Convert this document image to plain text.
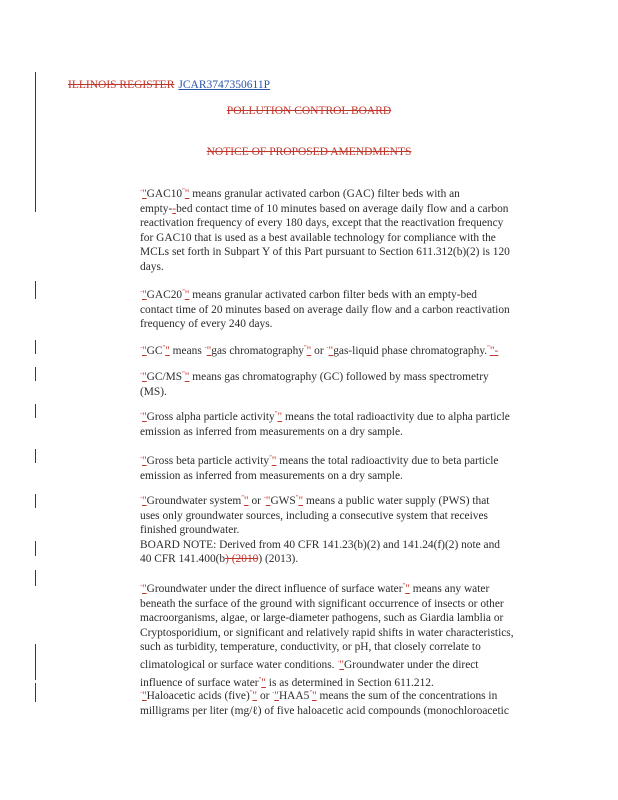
ILLINOIS REGISTER JCAR3747350611P
POLLUTION CONTROL BOARD
NOTICE OF PROPOSED AMENDMENTS
-"GAC10”" means granular activated carbon (GAC) filter beds with an
empty--bed contact time of 10 minutes based on average daily flow and a carbon
reactivation frequency of every 180 days, except that the reactivation frequency
for GAC10 that is used as a best available technology for compliance with the
MCLs set forth in Subpart Y of this Part pursuant to Section 611.312(b)(2) is 120
days.
-"GAC20”" means granular activated carbon filter beds with an empty-bed
contact time of 20 minutes based on average daily flow and a carbon reactivation
frequency of every 240 days.
-"GC”" means -"gas chromatography”" or -"gas-liquid phase chromatography.”"-
-"GC/MS”" means gas chromatography (GC) followed by mass spectrometry
(MS).
-"Gross alpha particle activity”" means the total radioactivity due to alpha particle
emission as inferred from measurements on a dry sample.
-"Gross beta particle activity”" means the total radioactivity due to beta particle
emission as inferred from measurements on a dry sample.
-"Groundwater system”" or -"GWS”" means a public water supply (PWS) that
uses only groundwater sources, including a consecutive system that receives
finished groundwater.
BOARD NOTE: Derived from 40 CFR 141.23(b)(2) and 141.24(f)(2) note and
40 CFR 141.400(b) (2010) (2013).
-"Groundwater under the direct influence of surface water”" means any water
beneath the surface of the ground with significant occurrence of insects or other
macroorganisms, algae, or large-diameter pathogens, such as Giardia lamblia or
Cryptosporidium, or significant and relatively rapid shifts in water characteristics,
such as turbidity, temperature, conductivity, or pH, that closely correlate to
climatological or surface water conditions. -"Groundwater under the direct
influence of surface water”" is as determined in Section 611.212.
-"Haloacetic acids (five)”" or -"HAA5”" means the sum of the concentrations in
milligrams per liter (mg/ℓ) of five haloacetic acid compounds (monochloroacetic
